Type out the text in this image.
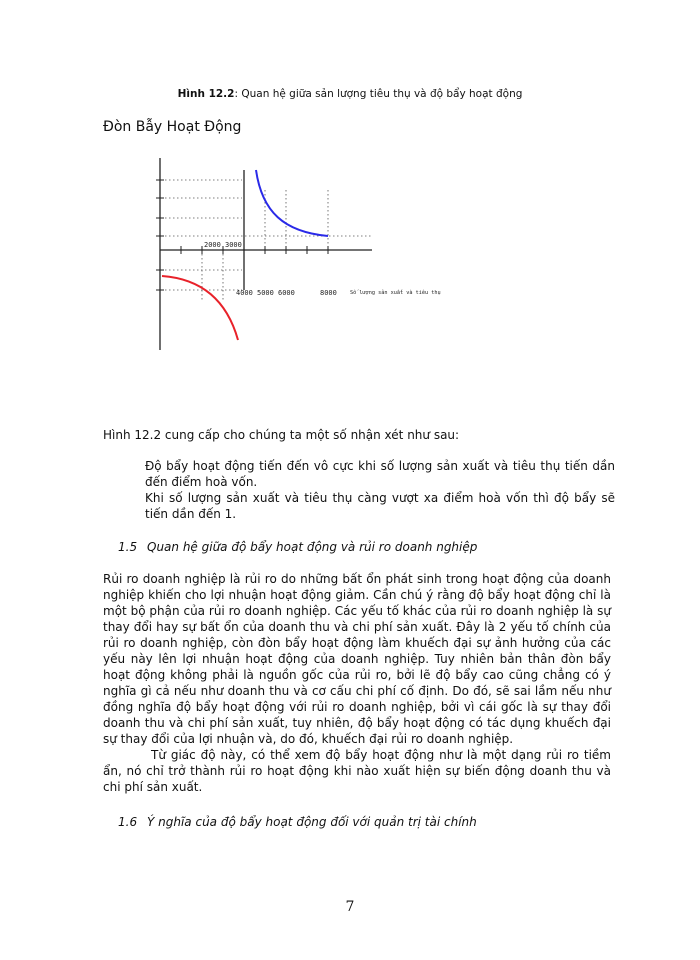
Hình 12.2: Quan hệ giữa sản lượng tiêu thụ và độ bẩy hoạt động
Đòn Bẫy Hoạt Động
2000 3000
4000 5000 6000	8000	Số lượng sản xuất và tiêu thụ
Hình 12.2 cung cấp cho chúng ta một số nhận xét như sau:
Độ bẩy hoạt động tiến đến vô cực khi số lượng sản xuất và tiêu thụ tiến dần đến điểm hoà vốn.
Khi số lượng sản xuất và tiêu thụ càng vượt xa điểm hoà vốn thì độ bẩy sẽ tiến dần đến 1.
1.5 Quan hệ giữa độ bẩy hoạt động và rủi ro doanh nghiệp

Rủi ro doanh nghiệp là rủi ro do những bất ổn phát sinh trong hoạt động của doanh nghiệp khiến cho lợi nhuận hoạt động giảm. Cần chú ý rằng độ bẩy hoạt động chỉ là một bộ phận của rủi ro doanh nghiệp. Các yếu tố khác của rủi ro doanh nghiệp là sự thay đổi hay sự bất ổn của doanh thu và chi phí sản xuất. Đây là 2 yếu tố chính của rủi ro doanh nghiệp, còn đòn bẩy hoạt động làm khuếch đại sự ảnh hưởng của các yếu này lên lợi nhuận hoạt động của doanh nghiệp. Tuy nhiên bản thân đòn bẩy hoạt động không phải là nguồn gốc của rủi ro, bởi lẽ độ bẩy cao cũng chẳng có ý nghĩa gì cả nếu như doanh thu và cơ cấu chi phí cố định. Do đó, sẽ sai lầm nếu như đồng nghĩa độ bẩy hoạt động với rủi ro doanh nghiệp, bởi vì cái gốc là sự thay đổi doanh thu và chi phí sản xuất, tuy nhiên, độ bẩy hoạt động có tác dụng khuếch đại sự thay đổi của lợi nhuận và, do đó, khuếch đại rủi ro doanh nghiệp.

Từ giác độ này, có thể xem độ bẩy hoạt động như là một dạng rủi ro tiềm ẩn, nó chỉ trở thành rủi ro hoạt động khi nào xuất hiện sự biến động doanh thu và chi phí sản xuất.

1.6 Ý nghĩa của độ bẩy hoạt động đối với quản trị tài chính
7
